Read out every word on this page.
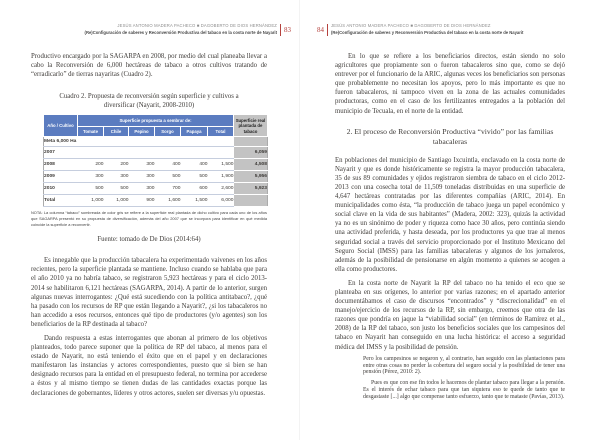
JESÚS ANTONIO MADERA PACHECO ■ DAGOBERTO DE DIOS HERNÁNDEZ
(Re)Configuración de saberes y Reconversión Productiva del tabaco en la costa norte de Nayarit 83

Productivo encargado por la SAGARPA en 2008, por medio del cual planeaba llevar a cabo la Reconversión de 6,000 hectáreas de tabaco a otros cultivos tratando de “erradicarlo” de tierras nayaritas (Cuadro 2).

Cuadro 2. Propuesta de reconversión según superficie y cultivos a diversificar (Nayarit, 2008-2010)
Año / Cultivo	Superficie propuesta a sembrar de:						Superficie real plantada de tabaco
	Tomate	Chile	Pepino	Sorgo	Papaya	Total	
Meta 6,000 Ha							
2007							6,059
2008	200	200	300	400	400	1,500	4,508
2009	300	300	300	500	500	1,900	5,956
2010	500	500	300	700	600	2,600	5,923
Total	1,000	1,000	900	1,600	1,500	6,000	

NOTA: La columna “tabaco” sombreada de color gris se refiere a la superficie real plantada de dicho cultivo para cada uno de los años que SAGARPA presentó en su propuesta de diversificación, además del año 2007 que se incorpora para identificar en qué medida coincide la superficie a reconvertir.

Fuente: tomado de De Dios (2014:64)

Es innegable que la producción tabacalera ha experimentado vaivenes en los años recientes, pero la superficie plantada se mantiene. Incluso cuando se hablaba que para el año 2010 ya no habría tabaco, se registraron 5,923 hectáreas y para el ciclo 2013-2014 se habilitaron 6,121 hectáreas (SAGARPA, 2014). A partir de lo anterior, surgen algunas nuevas interrogantes: ¿Qué está sucediendo con la política antitabaco?, ¿qué ha pasado con los recursos de RP que están llegando a Nayarit?, ¿si los tabacaleros no han accedido a esos recursos, entonces qué tipo de productores (y/o agentes) son los beneficiarios de la RP destinada al tabaco?

Dando respuesta a estas interrogantes que abonan al primero de los objetivos planteados, todo parece suponer que la política de RP del tabaco, al menos para el estado de Nayarit, no está teniendo el éxito que en el papel y en declaraciones manifestaron las instancias y actores correspondientes, puesto que si bien se han designado recursos para la entidad en el presupuesto federal, no termina por accederse a éstos y al mismo tiempo se tienen dudas de las cantidades exactas porque las declaraciones de gobernantes, líderes y otros actores, suelen ser diversas y/u opuestas.

84
JESÚS ANTONIO MADERA PACHECO ■ DAGOBERTO DE DIOS HERNÁNDEZ
(Re)Configuración de saberes y Reconversión Productiva del tabaco en la costa norte de Nayarit

En lo que se refiere a los beneficiarios directos, están siendo no solo agricultores que propiamente son o fueron tabacaleros sino que, como se dejó entrever por el funcionario de la ARIC, algunas veces los beneficiarios son personas que probablemente no necesitan los apoyos, pero lo más importante es que no fueron tabacaleros, ni tampoco viven en la zona de las actuales comunidades productoras, como en el caso de los fertilizantes entregados a la población del municipio de Tecuala, en el norte de la entidad.

2. El proceso de Reconversión Productiva “vivido” por las familias tabacaleras

En poblaciones del municipio de Santiago Ixcuintla, enclavado en la costa norte de Nayarit y que es donde históricamente se registra la mayor producción tabacalera, 35 de sus 89 comunidades y ejidos registraron siembra de tabaco en el ciclo 2012-2013 con una cosecha total de 11,509 toneladas distribuidas en una superficie de 4,647 hectáreas contratadas por las diferentes compañías (ARIC, 2014). En municipalidades como ésta, “la producción de tabaco juega un papel económico y social clave en la vida de sus habitantes” (Madera, 2002: 323), quizás la actividad ya no es un sinónimo de poder y riqueza como hace 30 años, pero continúa siendo una actividad preferida, y hasta deseada, por los productores ya que trae al menos seguridad social a través del servicio proporcionado por el Instituto Mexicano del Seguro Social (IMSS) para las familias tabacaleras y algunos de los jornaleros, además de la posibilidad de pensionarse en algún momento a quienes se acogen a ella como productores.

En la costa norte de Nayarit la RP del tabaco no ha tenido el eco que se planteaba en sus orígenes, lo anterior por varias razones; en el apartado anterior documentábamos el caso de discursos “encontrados” y “discrecionalidad” en el manejo/ejercicio de los recursos de la RP, sin embargo, creemos que otra de las razones que pondría en jaque la “viabilidad social” (en términos de Ramírez et al., 2008) de la RP del tabaco, son justo los beneficios sociales que los campesinos del tabaco en Nayarit han conseguido en una lucha histórica: el acceso a seguridad médica del IMSS y la posibilidad de pensión.

Pero los campesinos se negaron y, al contrario, han seguido con las plantaciones para entre otras cosas no perder la cobertura del seguro social y la posibilidad de tener una pensión (Pérez, 2010: 2).

Pues es que con ese fin todos le hacemos de plantar tabaco para llegar a la pensión. Es el interés de echar tabaco para que tan siquiera eso te quede de tanto que te desgastaste [...] algo que compense tanto esfuerzo, tanto que te mataste (Pavías, 2013).
